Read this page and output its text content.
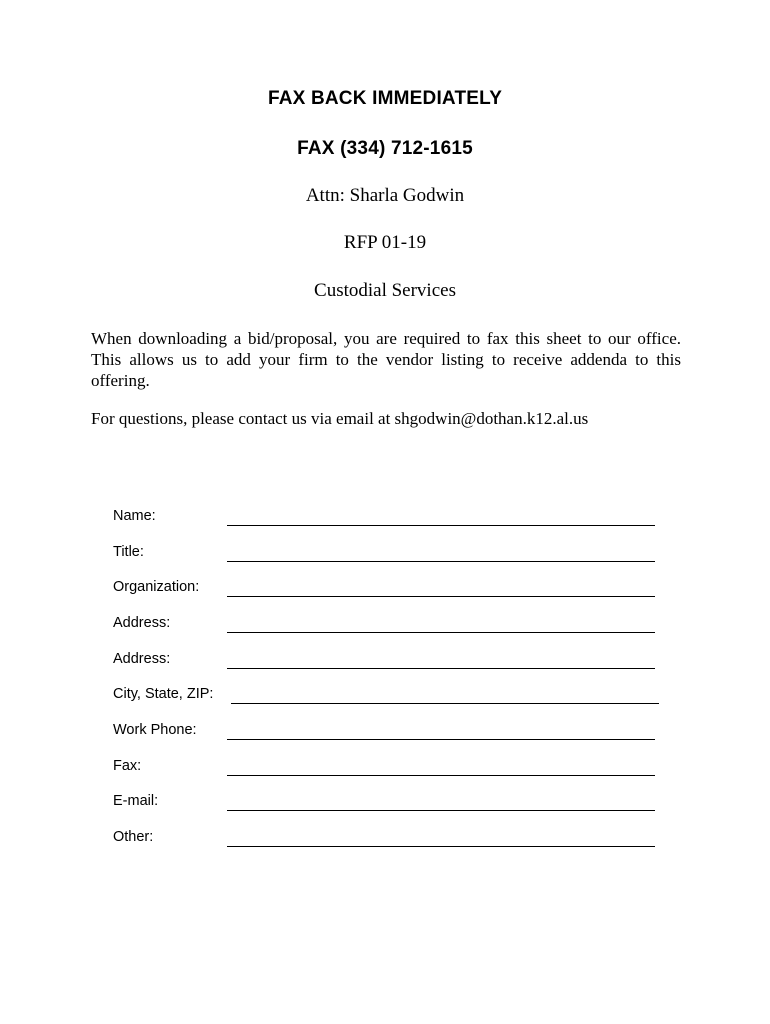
FAX BACK IMMEDIATELY
FAX (334) 712-1615
Attn: Sharla Godwin
RFP 01-19
Custodial Services
When downloading a bid/proposal, you are required to fax this sheet to our office. This allows us to add your firm to the vendor listing to receive addenda to this offering.
For questions, please contact us via email at shgodwin@dothan.k12.al.us
Name:
Title:
Organization:
Address:
Address:
City, State, ZIP:
Work Phone:
Fax:
E-mail:
Other:
